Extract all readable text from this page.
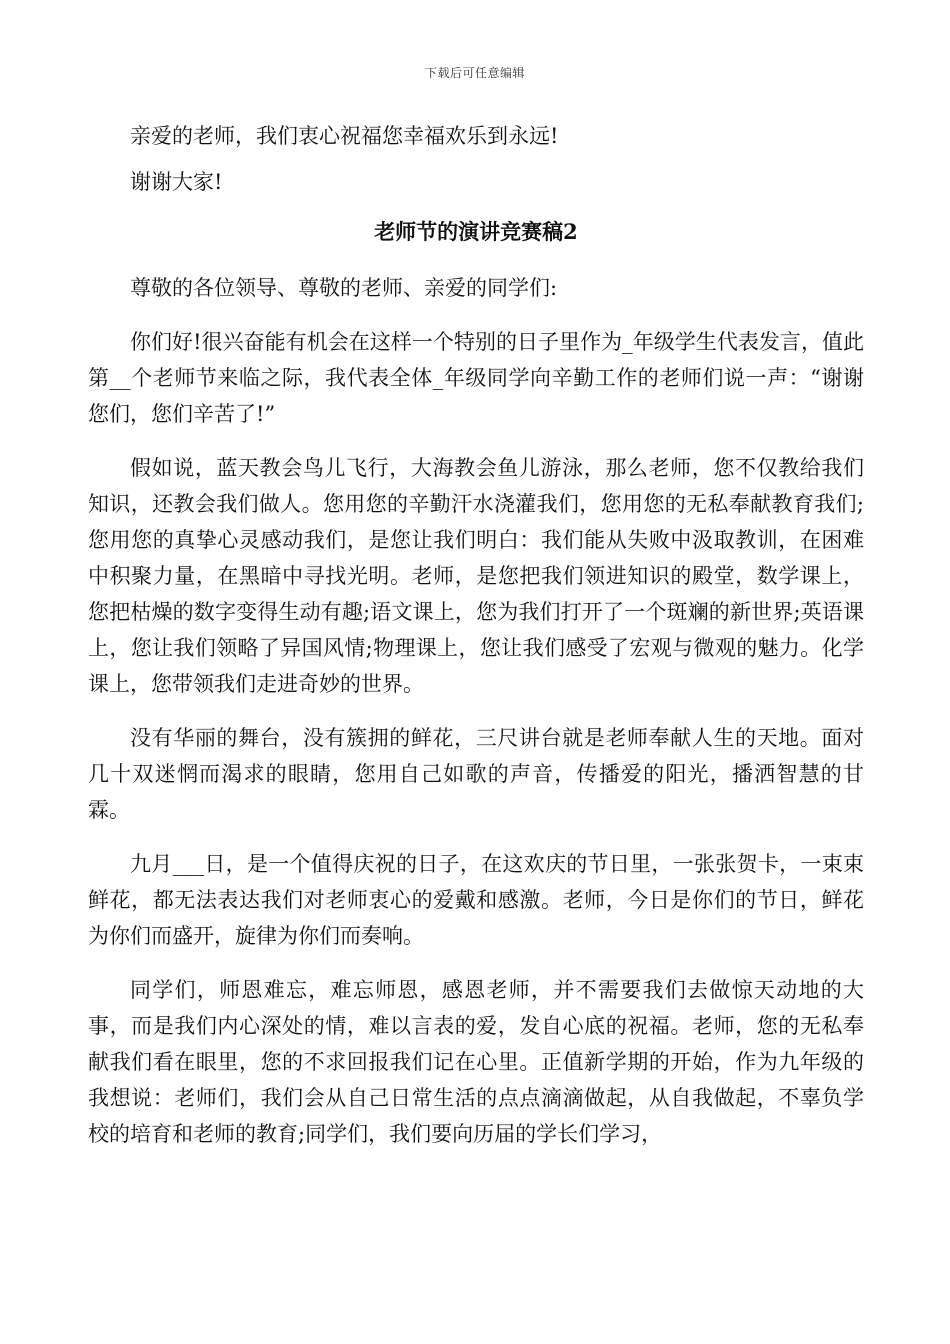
下载后可任意编辑

亲爱的老师，我们衷心祝福您幸福欢乐到永远!

谢谢大家!

老师节的演讲竞赛稿2

尊敬的各位领导、尊敬的老师、亲爱的同学们:

你们好!很兴奋能有机会在这样一个特别的日子里作为_年级学生代表发言，值此第__个老师节来临之际，我代表全体_年级同学向辛勤工作的老师们说一声：“谢谢您们，您们辛苦了!”

假如说，蓝天教会鸟儿飞行，大海教会鱼儿游泳，那么老师，您不仅教给我们知识，还教会我们做人。您用您的辛勤汗水浇灌我们，您用您的无私奉献教育我们;您用您的真挚心灵感动我们，是您让我们明白：我们能从失败中汲取教训，在困难中积聚力量，在黑暗中寻找光明。老师，是您把我们领进知识的殿堂，数学课上，您把枯燥的数字变得生动有趣;语文课上，您为我们打开了一个斑斓的新世界;英语课上，您让我们领略了异国风情;物理课上，您让我们感受了宏观与微观的魅力。化学课上，您带领我们走进奇妙的世界。

没有华丽的舞台，没有簇拥的鲜花，三尺讲台就是老师奉献人生的天地。面对几十双迷惘而渴求的眼睛，您用自己如歌的声音，传播爱的阳光，播洒智慧的甘霖。

九月___日，是一个值得庆祝的日子，在这欢庆的节日里，一张张贺卡，一束束鲜花，都无法表达我们对老师衷心的爱戴和感激。老师，今日是你们的节日，鲜花为你们而盛开，旋律为你们而奏响。

同学们，师恩难忘，难忘师恩，感恩老师，并不需要我们去做惊天动地的大事，而是我们内心深处的情，难以言表的爱，发自心底的祝福。老师，您的无私奉献我们看在眼里，您的不求回报我们记在心里。正值新学期的开始，作为九年级的我想说：老师们，我们会从自己日常生活的点点滴滴做起，从自我做起，不辜负学校的培育和老师的教育;同学们，我们要向历届的学长们学习，
